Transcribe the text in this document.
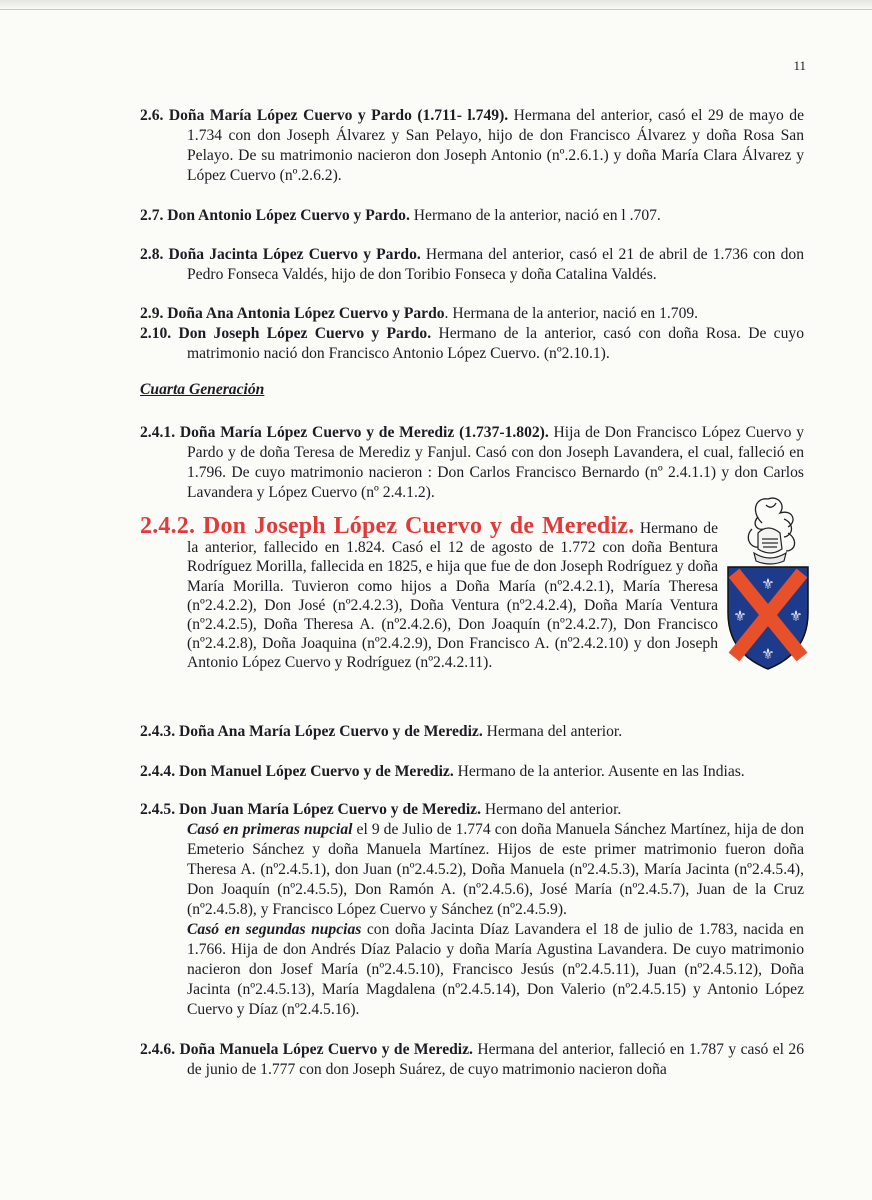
11

2.6. Doña María López Cuervo y Pardo (1.711- l.749). Hermana del anterior, casó el 29 de mayo de 1.734 con don Joseph Álvarez y San Pelayo, hijo de don Francisco Álvarez y doña Rosa San Pelayo. De su matrimonio nacieron don Joseph Antonio (nº.2.6.1.) y doña María Clara Álvarez y López Cuervo (nº.2.6.2).

2.7. Don Antonio López Cuervo y Pardo. Hermano de la anterior, nació en l .707.

2.8. Doña Jacinta López Cuervo y Pardo. Hermana del anterior, casó el 21 de abril de 1.736 con don Pedro Fonseca Valdés, hijo de don Toribio Fonseca y doña Catalina Valdés.

2.9. Doña Ana Antonia López Cuervo y Pardo. Hermana de la anterior, nació en 1.709.

2.10. Don Joseph López Cuervo y Pardo. Hermano de la anterior, casó con doña Rosa. De cuyo matrimonio nació don Francisco Antonio López Cuervo. (nº2.10.1).

Cuarta Generación

2.4.1. Doña María López Cuervo y de Merediz (1.737-1.802). Hija de Don Francisco López Cuervo y Pardo y de doña Teresa de Merediz y Fanjul. Casó con don Joseph Lavandera, el cual, falleció en 1.796. De cuyo matrimonio nacieron : Don Carlos Francisco Bernardo (nº 2.4.1.1) y don Carlos Lavandera y López Cuervo (nº 2.4.1.2).

2.4.2. Don Joseph López Cuervo y de Merediz. Hermano de la anterior, fallecido en 1.824. Casó el 12 de agosto de 1.772 con doña Bentura Rodríguez Morilla, fallecida en 1825, e hija que fue de don Joseph Rodríguez y doña María Morilla. Tuvieron como hijos a Doña María (nº2.4.2.1), María Theresa (nº2.4.2.2), Don José (nº2.4.2.3), Doña Ventura (nº2.4.2.4), Doña María Ventura (nº2.4.2.5), Doña Theresa A. (nº2.4.2.6), Don Joaquín (nº2.4.2.7), Don Francisco (nº2.4.2.8), Doña Joaquina (nº2.4.2.9), Don Francisco A. (nº2.4.2.10) y don Joseph Antonio López Cuervo y Rodríguez (nº2.4.2.11).

⚜
⚜	⚜
⚜

2.4.3. Doña Ana María López Cuervo y de Merediz. Hermana del anterior.

2.4.4. Don Manuel López Cuervo y de Merediz. Hermano de la anterior. Ausente en las Indias.

2.4.5. Don Juan María López Cuervo y de Merediz. Hermano del anterior.

Casó en primeras nupcial el 9 de Julio de 1.774 con doña Manuela Sánchez Martínez, hija de don Emeterio Sánchez y doña Manuela Martínez. Hijos de este primer matrimonio fueron doña Theresa A. (nº2.4.5.1), don Juan (nº2.4.5.2), Doña Manuela (nº2.4.5.3), María Jacinta (nº2.4.5.4), Don Joaquín (nº2.4.5.5), Don Ramón A. (nº2.4.5.6), José María (nº2.4.5.7), Juan de la Cruz (nº2.4.5.8), y Francisco López Cuervo y Sánchez (nº2.4.5.9).

Casó en segundas nupcias con doña Jacinta Díaz Lavandera el 18 de julio de 1.783, nacida en 1.766. Hija de don Andrés Díaz Palacio y doña María Agustina Lavandera. De cuyo matrimonio nacieron don Josef María (nº2.4.5.10), Francisco Jesús (nº2.4.5.11), Juan (nº2.4.5.12), Doña Jacinta (nº2.4.5.13), María Magdalena (nº2.4.5.14), Don Valerio (nº2.4.5.15) y Antonio López Cuervo y Díaz (nº2.4.5.16).

2.4.6. Doña Manuela López Cuervo y de Merediz. Hermana del anterior, falleció en 1.787 y casó el 26 de junio de 1.777 con don Joseph Suárez, de cuyo matrimonio nacieron doña
